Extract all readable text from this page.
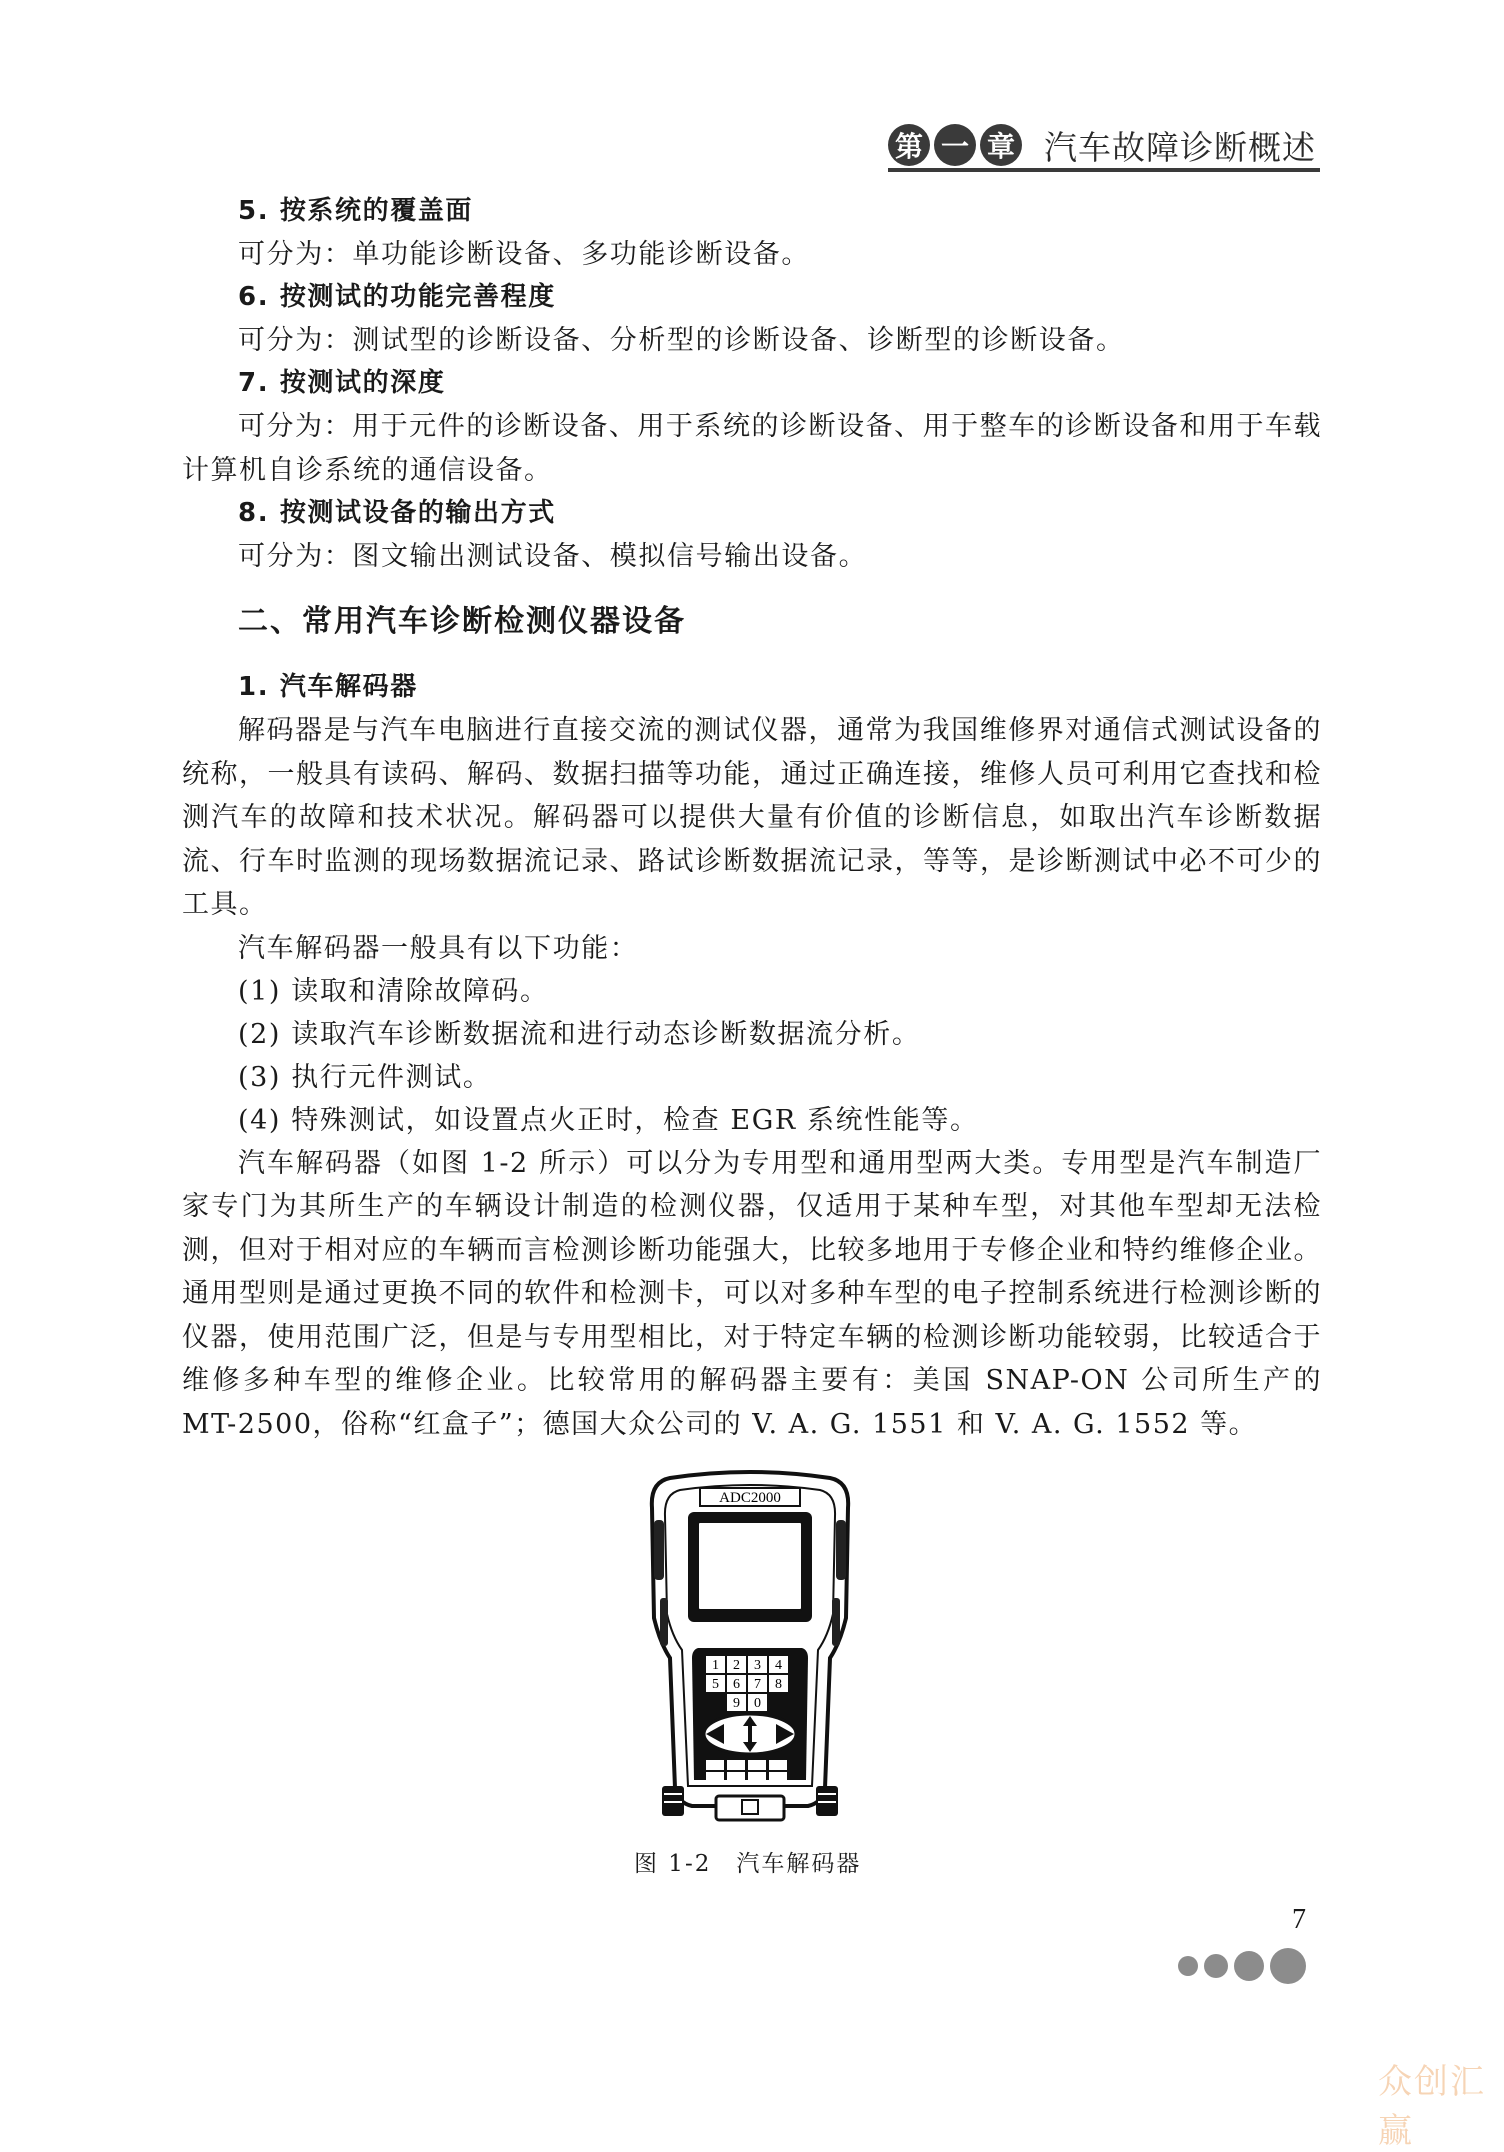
第 一 章 汽车故障诊断概述
5. 按系统的覆盖面
可分为：单功能诊断设备、多功能诊断设备。
6. 按测试的功能完善程度
可分为：测试型的诊断设备、分析型的诊断设备、诊断型的诊断设备。
7. 按测试的深度
可分为：用于元件的诊断设备、用于系统的诊断设备、用于整车的诊断设备和用于车载计算机自诊系统的通信设备。
8. 按测试设备的输出方式
可分为：图文输出测试设备、模拟信号输出设备。
二、常用汽车诊断检测仪器设备
1. 汽车解码器
解码器是与汽车电脑进行直接交流的测试仪器，通常为我国维修界对通信式测试设备的统称，一般具有读码、解码、数据扫描等功能，通过正确连接，维修人员可利用它查找和检测汽车的故障和技术状况。解码器可以提供大量有价值的诊断信息，如取出汽车诊断数据流、行车时监测的现场数据流记录、路试诊断数据流记录，等等，是诊断测试中必不可少的工具。
汽车解码器一般具有以下功能：
(1) 读取和清除故障码。
(2) 读取汽车诊断数据流和进行动态诊断数据流分析。
(3) 执行元件测试。
(4) 特殊测试，如设置点火正时，检查 EGR 系统性能等。
汽车解码器（如图 1-2 所示）可以分为专用型和通用型两大类。专用型是汽车制造厂家专门为其所生产的车辆设计制造的检测仪器，仅适用于某种车型，对其他车型却无法检测，但对于相对应的车辆而言检测诊断功能强大，比较多地用于专修企业和特约维修企业。通用型则是通过更换不同的软件和检测卡，可以对多种车型的电子控制系统进行检测诊断的仪器，使用范围广泛，但是与专用型相比，对于特定车辆的检测诊断功能较弱，比较适合于维修多种车型的维修企业。比较常用的解码器主要有：美国 SNAP-ON 公司所生产的 MT-2500，俗称“红盒子”；德国大众公司的 V. A. G. 1551 和 V. A. G. 1552 等。
ADC2000
1 2 3 4
5 6 7 8
9 0
图 1-2　汽车解码器
7
众创汇赢
